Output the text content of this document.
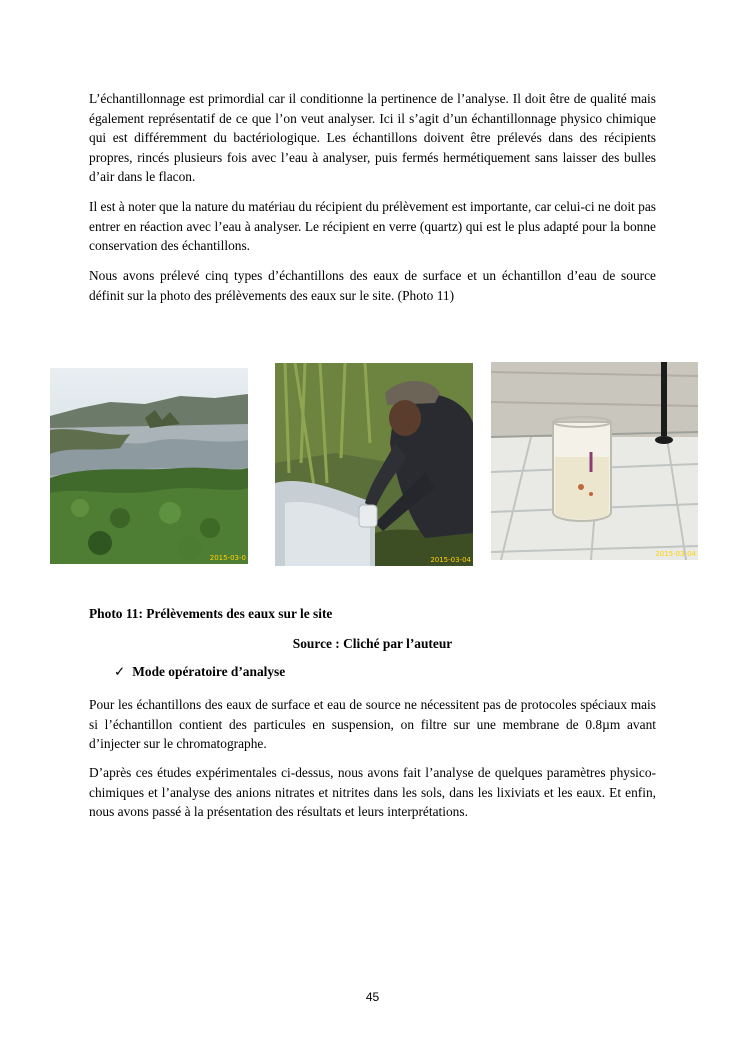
L’échantillonnage est primordial car il conditionne la pertinence de l’analyse. Il doit être de qualité mais également représentatif de ce que l’on veut analyser. Ici il s’agit d’un échantillonnage physico chimique qui est différemment du bactériologique. Les échantillons doivent être prélevés dans des récipients propres, rincés plusieurs fois avec l’eau à analyser, puis fermés hermétiquement sans laisser des bulles d’air dans le flacon.

Il est à noter que la nature du matériau du récipient du prélèvement est importante, car celui-ci ne doit pas entrer en réaction avec l’eau à analyser. Le récipient en verre (quartz) qui est le plus adapté pour la bonne conservation des échantillons.

Nous avons prélevé cinq types d’échantillons des eaux de surface et un échantillon d’eau de source définit sur la photo des prélèvements des eaux sur le site. (Photo 11)

2015-03-0	2015-03-04
2015-03-04
Photo 11: Prélèvements des eaux sur le site
Source : Cliché par l’auteur
✓ Mode opératoire d’analyse

Pour les échantillons des eaux de surface et eau de source ne nécessitent pas de protocoles spéciaux mais si l’échantillon contient des particules en suspension, on filtre sur une membrane de 0.8µm avant d’injecter sur le chromatographe.

D’après ces études expérimentales ci-dessus, nous avons fait l’analyse de quelques paramètres physico-chimiques et l’analyse des anions nitrates et nitrites dans les sols, dans les lixiviats et les eaux. Et enfin, nous avons passé à la présentation des résultats et leurs interprétations.

45
